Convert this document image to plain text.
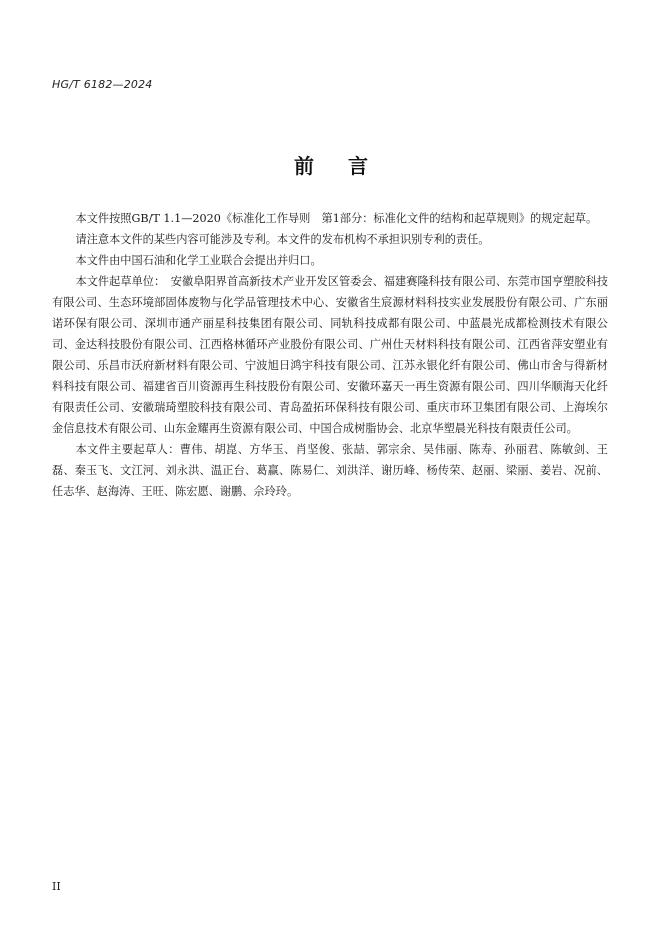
HG/T 6182—2024
前 言

本文件按照GB/T 1.1—2020《标准化工作导则　第1部分：标准化文件的结构和起草规则》的规定起草。

请注意本文件的某些内容可能涉及专利。本文件的发布机构不承担识别专利的责任。

本文件由中国石油和化学工业联合会提出并归口。

本文件起草单位：　安徽阜阳界首高新技术产业开发区管委会、福建赛隆科技有限公司、东莞市国亨塑胶科技有限公司、生态环境部固体废物与化学品管理技术中心、安徽省生宸源材料科技实业发展股份有限公司、广东丽诺环保有限公司、深圳市通产丽星科技集团有限公司、同轨科技成都有限公司、中蓝晨光成都检测技术有限公司、金达科技股份有限公司、江西格林循环产业股份有限公司、广州仕天材料科技有限公司、江西省萍安塑业有限公司、乐昌市沃府新材料有限公司、宁波旭日鸿宇科技有限公司、江苏永银化纤有限公司、佛山市舍与得新材料科技有限公司、福建省百川资源再生科技股份有限公司、安徽环嘉天一再生资源有限公司、四川华顺海天化纤有限责任公司、安徽瑞琦塑胶科技有限公司、青岛盈拓环保科技有限公司、重庆市环卫集团有限公司、上海埃尔金信息技术有限公司、山东金耀再生资源有限公司、中国合成树脂协会、北京华塑晨光科技有限责任公司。

本文件主要起草人：曹伟、胡崑、方华玉、肖坚俊、张喆、郭宗余、吴伟丽、陈寿、孙丽君、陈敏剑、王磊、秦玉飞、文江河、刘永洪、温正台、葛赢、陈易仁、刘洪洋、谢历峰、杨传荣、赵丽、梁丽、姜岩、况前、任志华、赵海涛、王旺、陈宏愿、谢鹏、佘玲玲。

II
